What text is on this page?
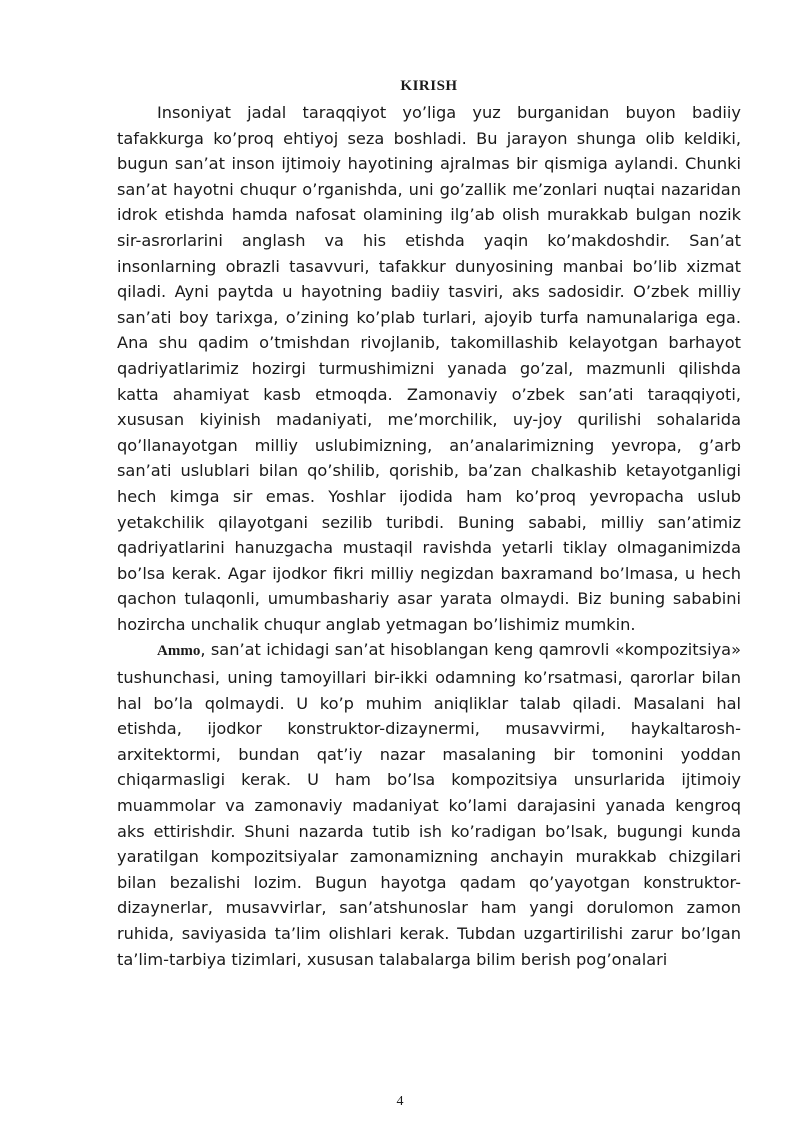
KIRISH

Insoniyat jadal taraqqiyot yo’liga yuz burganidan buyon badiiy tafakkurga ko’proq ehtiyoj seza boshladi. Bu jarayon shunga olib keldiki, bugun san’at inson ijtimoiy hayotining ajralmas bir qismiga aylandi. Chunki san’at hayotni chuqur o’rganishda, uni go’zallik me’zonlari nuqtai nazaridan idrok etishda hamda nafosat olamining ilg’ab olish murakkab bulgan nozik sir-asrorlarini anglash va his etishda yaqin ko’makdoshdir. San’at insonlarning obrazli tasavvuri, tafakkur dunyosining manbai bo’lib xizmat qiladi. Ayni paytda u hayotning badiiy tasviri, aks sadosidir. O’zbek milliy san’ati boy tarixga, o’zining ko’plab turlari, ajoyib turfa namunalariga ega. Ana shu qadim o’tmishdan rivojlanib, takomillashib kelayotgan barhayot qadriyatlarimiz hozirgi turmushimizni yanada go’zal, mazmunli qilishda katta ahamiyat kasb etmoqda. Zamonaviy o’zbek san’ati taraqqiyoti, xususan kiyinish madaniyati, me’morchilik, uy-joy qurilishi sohalarida qo’llanayotgan milliy uslubimizning, an’analarimizning yevropa, g’arb san’ati uslublari bilan qo’shilib, qorishib, ba’zan chalkashib ketayotganligi hech kimga sir emas. Yoshlar ijodida ham ko’proq yevropacha uslub yetakchilik qilayotgani sezilib turibdi. Buning sababi, milliy san’atimiz qadriyatlarini hanuzgacha mustaqil ravishda yetarli tiklay olmaganimizda bo’lsa kerak. Agar ijodkor fikri milliy negizdan baxramand bo’lmasa, u hech qachon tulaqonli, umumbashariy asar yarata olmaydi. Biz buning sababini hozircha unchalik chuqur anglab yetmagan bo’lishimiz mumkin.

Ammo, san’at ichidagi san’at hisoblangan keng qamrovli «kompozitsiya» tushunchasi, uning tamoyillari bir-ikki odamning ko’rsatmasi, qarorlar bilan hal bo’la qolmaydi. U ko’p muhim aniqliklar talab qiladi. Masalani hal etishda, ijodkor konstruktor-dizaynermi, musavvirmi, haykaltarosh- arxitektormi, bundan qat’iy nazar masalaning bir tomonini yoddan chiqarmasligi kerak. U ham bo’lsa kompozitsiya unsurlarida ijtimoiy muammolar va zamonaviy madaniyat ko’lami darajasini yanada kengroq aks ettirishdir. Shuni nazarda tutib ish ko’radigan bo’lsak, bugungi kunda yaratilgan kompozitsiyalar zamonamizning anchayin murakkab chizgilari bilan bezalishi lozim. Bugun hayotga qadam qo’yayotgan konstruktor-dizaynerlar, musavvirlar, san’atshunoslar ham yangi dorulomon zamon ruhida, saviyasida ta’lim olishlari kerak. Tubdan uzgartirilishi zarur bo’lgan ta’lim-tarbiya tizimlari, xususan talabalarga bilim berish pog’onalari

4
